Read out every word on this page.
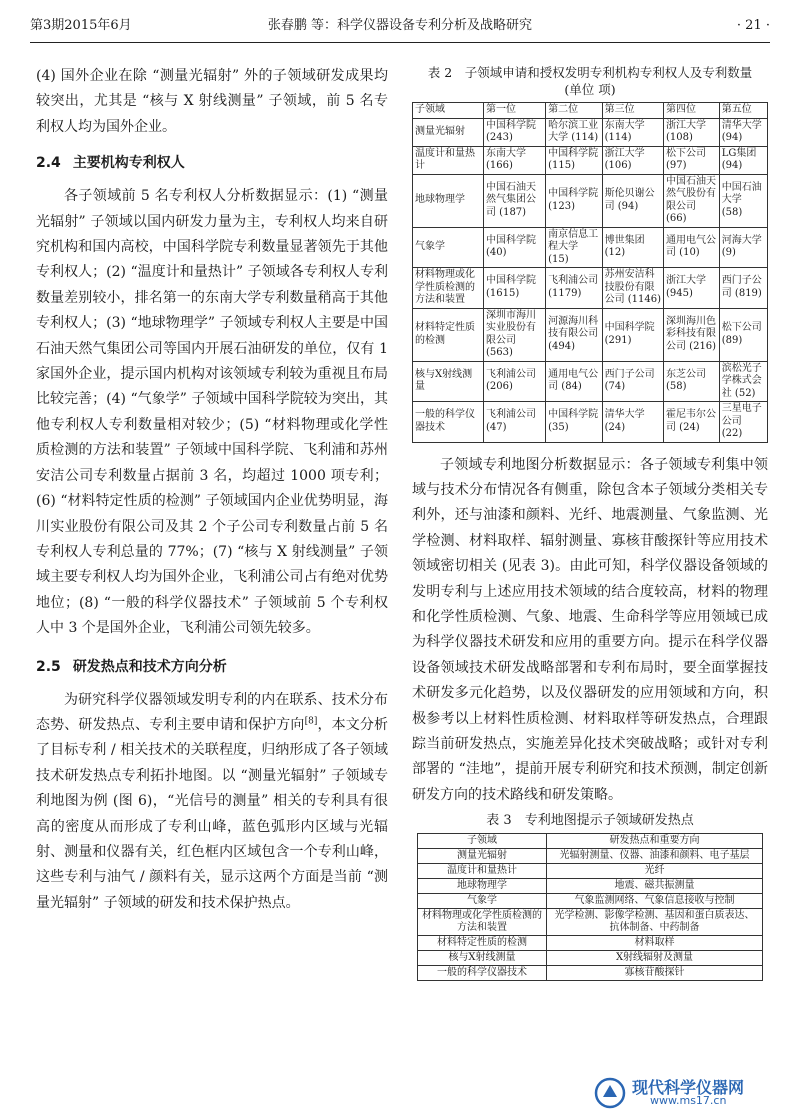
第3期2015年6月	张春鹏 等：科学仪器设备专利分析及战略研究	· 21 ·

(4) 国外企业在除 “测量光辐射” 外的子领域研发成果均较突出，尤其是 “核与 X 射线测量” 子领域，前 5 名专利权人均为国外企业。

2.4 主要机构专利权人

各子领域前 5 名专利权人分析数据显示：(1) “测量光辐射” 子领域以国内研发力量为主，专利权人均来自研究机构和国内高校，中国科学院专利数量显著领先于其他专利权人；(2) “温度计和量热计” 子领域各专利权人专利数量差别较小，排名第一的东南大学专利数量稍高于其他专利权人；(3) “地球物理学” 子领域专利权人主要是中国石油天然气集团公司等国内开展石油研发的单位，仅有 1 家国外企业，提示国内机构对该领域专利较为重视且布局比较完善；(4) “气象学” 子领域中国科学院较为突出，其他专利权人专利数量相对较少；(5) “材料物理或化学性质检测的方法和装置” 子领域中国科学院、飞利浦和苏州安洁公司专利数量占据前 3 名，均超过 1000 项专利；(6) “材料特定性质的检测” 子领域国内企业优势明显，海川实业股份有限公司及其 2 个子公司专利数量占前 5 名专利权人专利总量的 77%；(7) “核与 X 射线测量” 子领域主要专利权人均为国外企业，飞利浦公司占有绝对优势地位；(8) “一般的科学仪器技术” 子领域前 5 个专利权人中 3 个是国外企业，飞利浦公司领先较多。

2.5 研发热点和技术方向分析

为研究科学仪器领域发明专利的内在联系、技术分布态势、研发热点、专利主要申请和保护方向[8]，本文分析了目标专利 / 相关技术的关联程度，归纳形成了各子领域技术研发热点专利拓扑地图。以 “测量光辐射” 子领域专利地图为例 (图 6)，“光信号的测量” 相关的专利具有很高的密度从而形成了专利山峰，蓝色弧形内区域与光辐射、测量和仪器有关，红色框内区域包含一个专利山峰，这些专利与油气 / 颜料有关，显示这两个方面是当前 “测量光辐射” 子领域的研发和技术保护热点。

表 2　子领域申请和授权发明专利机构专利权人及专利数量
(单位 项)
子领域	第一位	第二位	第三位	第四位	第五位
测量光辐射	中国科学院 (243)	哈尔滨工业大学 (114)	东南大学 (114)	浙江大学 (108)	清华大学 (94)
温度计和量热计	东南大学 (166)	中国科学院 (115)	浙江大学 (106)	松下公司 (97)	LG集团 (94)
地球物理学	中国石油天然气集团公司 (187)	中国科学院 (123)	斯伦贝谢公司 (94)	中国石油天然气股份有限公司 (66)	中国石油大学 (58)
气象学	中国科学院 (40)	南京信息工程大学 (15)	博世集团 (12)	通用电气公司 (10)	河海大学 (9)
材料物理或化学性质检测的方法和装置	中国科学院 (1615)	飞利浦公司 (1179)	苏州安洁科技股份有限公司 (1146)	浙江大学 (945)	西门子公司 (819)
材料特定性质的检测	深圳市海川实业股份有限公司 (563)	河源海川科技有限公司 (494)	中国科学院 (291)	深圳海川色彩科技有限公司 (216)	松下公司 (89)
核与X射线测量	飞利浦公司 (206)	通用电气公司 (84)	西门子公司 (74)	东芝公司 (58)	滨松光子学株式会社 (52)
一般的科学仪器技术	飞利浦公司 (47)	中国科学院 (35)	清华大学 (24)	霍尼韦尔公司 (24)	三星电子公司 (22)

子领域专利地图分析数据显示：各子领域专利集中领域与技术分布情况各有侧重，除包含本子领域分类相关专利外，还与油漆和颜料、光纤、地震测量、气象监测、光学检测、材料取样、辐射测量、寡核苷酸探针等应用技术领域密切相关 (见表 3)。由此可知，科学仪器设备领域的发明专利与上述应用技术领域的结合度较高，材料的物理和化学性质检测、气象、地震、生命科学等应用领域已成为科学仪器技术研发和应用的重要方向。提示在科学仪器设备领域技术研发战略部署和专利布局时，要全面掌握技术研发多元化趋势，以及仪器研发的应用领域和方向，积极参考以上材料性质检测、材料取样等研发热点，合理跟踪当前研发热点，实施差异化技术突破战略；或针对专利部署的 “洼地”，提前开展专利研究和技术预测，制定创新研发方向的技术路线和研发策略。

表 3　专利地图提示子领域研发热点
子领域	研发热点和重要方向
测量光辐射	光辐射测量、仪器、油漆和颜料、电子基层
温度计和量热计	光纤
地球物理学	地震、磁共振测量
气象学	气象监测网络、气象信息接收与控制
材料物理或化学性质检测的方法和装置	光学检测、影像学检测、基因和蛋白质表达、抗体制备、中药制备
材料特定性质的检测	材料取样
核与X射线测量	X射线辐射及测量
一般的科学仪器技术	寡核苷酸探针
现代科学仪器网
www.ms17.cn
